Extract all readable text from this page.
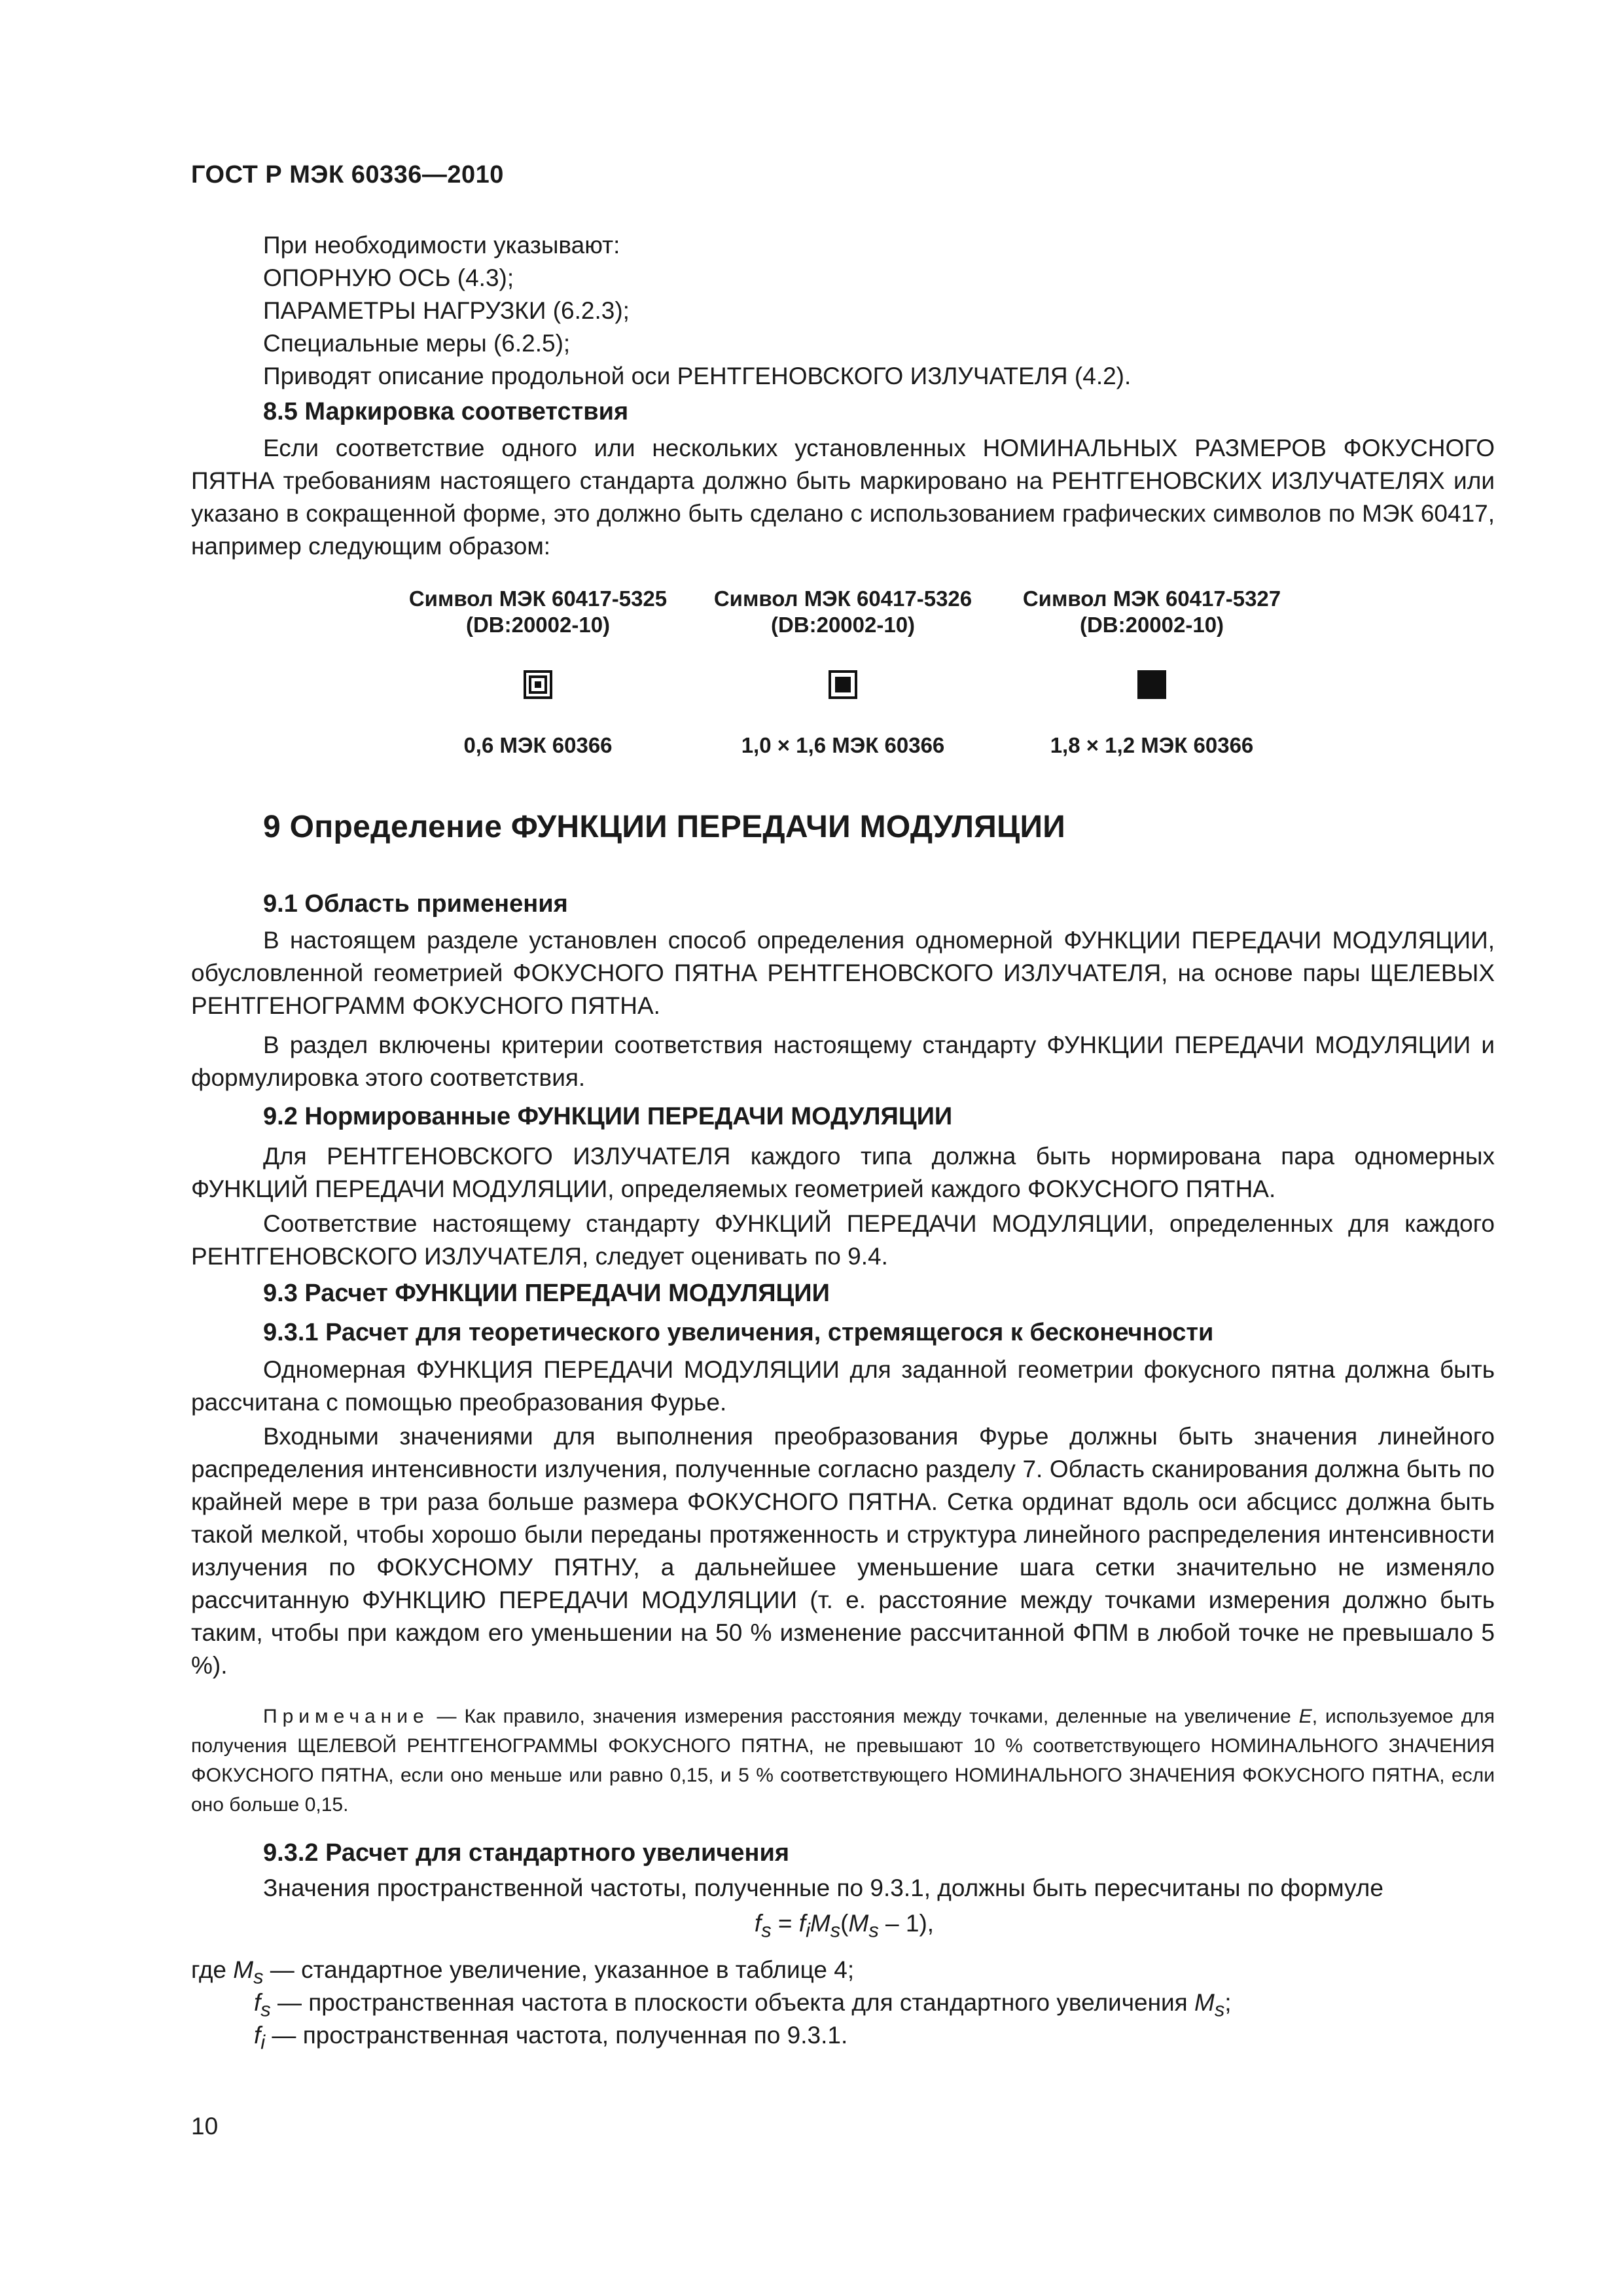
ГОСТ Р МЭК 60336—2010
При необходимости указывают:
ОПОРНУЮ ОСЬ (4.3);
ПАРАМЕТРЫ НАГРУЗКИ (6.2.3);
Специальные меры (6.2.5);
Приводят описание продольной оси РЕНТГЕНОВСКОГО ИЗЛУЧАТЕЛЯ (4.2).
8.5 Маркировка соответствия
Если соответствие одного или нескольких установленных НОМИНАЛЬНЫХ РАЗМЕРОВ ФОКУСНОГО ПЯТНА требованиям настоящего стандарта должно быть маркировано на РЕНТГЕНОВСКИХ ИЗЛУЧАТЕЛЯХ или указано в сокращенной форме, это должно быть сделано с использованием графических символов по МЭК 60417, например следующим образом:
Символ МЭК 60417-5325
(DB:20002-10)
Символ МЭК 60417-5326
(DB:20002-10)
Символ МЭК 60417-5327
(DB:20002-10)
0,6 МЭК 60366	1,0 × 1,6 МЭК 60366	1,8 × 1,2 МЭК 60366
9 Определение ФУНКЦИИ ПЕРЕДАЧИ МОДУЛЯЦИИ
9.1 Область применения
В настоящем разделе установлен способ определения одномерной ФУНКЦИИ ПЕРЕДАЧИ МОДУЛЯЦИИ, обусловленной геометрией ФОКУСНОГО ПЯТНА РЕНТГЕНОВСКОГО ИЗЛУЧАТЕЛЯ, на основе пары ЩЕЛЕВЫХ РЕНТГЕНОГРАММ ФОКУСНОГО ПЯТНА.
В раздел включены критерии соответствия настоящему стандарту ФУНКЦИИ ПЕРЕДАЧИ МОДУЛЯЦИИ и формулировка этого соответствия.
9.2 Нормированные ФУНКЦИИ ПЕРЕДАЧИ МОДУЛЯЦИИ
Для РЕНТГЕНОВСКОГО ИЗЛУЧАТЕЛЯ каждого типа должна быть нормирована пара одномерных ФУНКЦИЙ ПЕРЕДАЧИ МОДУЛЯЦИИ, определяемых геометрией каждого ФОКУСНОГО ПЯТНА.
Соответствие настоящему стандарту ФУНКЦИЙ ПЕРЕДАЧИ МОДУЛЯЦИИ, определенных для каждого РЕНТГЕНОВСКОГО ИЗЛУЧАТЕЛЯ, следует оценивать по 9.4.
9.3 Расчет ФУНКЦИИ ПЕРЕДАЧИ МОДУЛЯЦИИ
9.3.1 Расчет для теоретического увеличения, стремящегося к бесконечности
Одномерная ФУНКЦИЯ ПЕРЕДАЧИ МОДУЛЯЦИИ для заданной геометрии фокусного пятна должна быть рассчитана с помощью преобразования Фурье.
Входными значениями для выполнения преобразования Фурье должны быть значения линейного распределения интенсивности излучения, полученные согласно разделу 7. Область сканирования должна быть по крайней мере в три раза больше размера ФОКУСНОГО ПЯТНА. Сетка ординат вдоль оси абсцисс должна быть такой мелкой, чтобы хорошо были переданы протяженность и структура линейного распределения интенсивности излучения по ФОКУСНОМУ ПЯТНУ, а дальнейшее уменьшение шага сетки значительно не изменяло рассчитанную ФУНКЦИЮ ПЕРЕДАЧИ МОДУЛЯЦИИ (т. е. расстояние между точками измерения должно быть таким, чтобы при каждом его уменьшении на 50 % изменение рассчитанной ФПМ в любой точке не превышало 5 %).
Примечание — Как правило, значения измерения расстояния между точками, деленные на увеличение E, используемое для получения ЩЕЛЕВОЙ РЕНТГЕНОГРАММЫ ФОКУСНОГО ПЯТНА, не превышают 10 % соответствующего НОМИНАЛЬНОГО ЗНАЧЕНИЯ ФОКУСНОГО ПЯТНА, если оно меньше или равно 0,15, и 5 % соответствующего НОМИНАЛЬНОГО ЗНАЧЕНИЯ ФОКУСНОГО ПЯТНА, если оно больше 0,15.
9.3.2 Расчет для стандартного увеличения
Значения пространственной частоты, полученные по 9.3.1, должны быть пересчитаны по формуле
$f_s = f_iM_s(M_s - 1)$,
где $M_s$ — стандартное увеличение, указанное в таблице 4;
$f_s$ — пространственная частота в плоскости объекта для стандартного увеличения $M_s$;
$f_i$ — пространственная частота, полученная по 9.3.1.
10
